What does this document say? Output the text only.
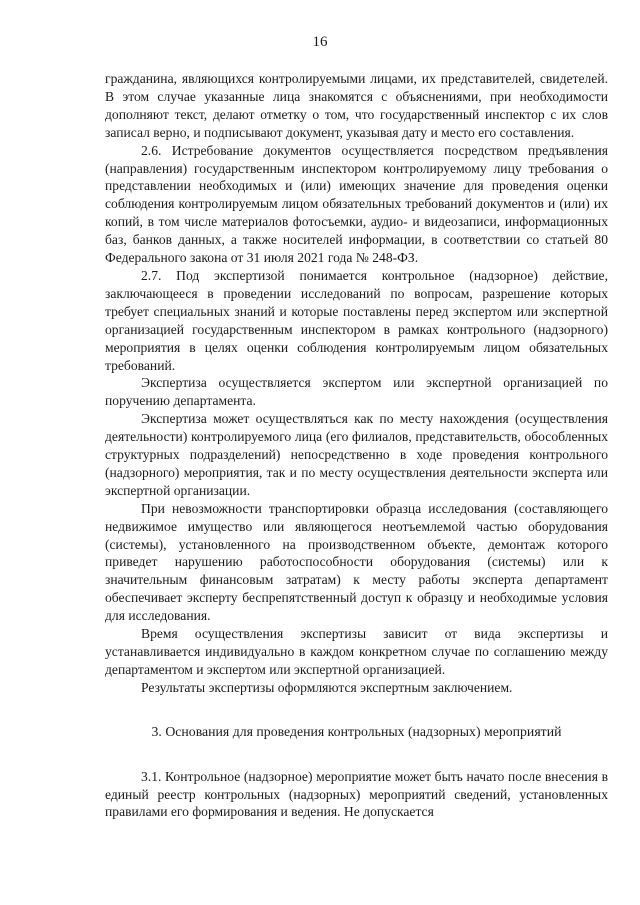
16

гражданина, являющихся контролируемыми лицами, их представителей, свидетелей. В этом случае указанные лица знакомятся с объяснениями, при необходимости дополняют текст, делают отметку о том, что государственный инспектор с их слов записал верно, и подписывают документ, указывая дату и место его составления.

2.6. Истребование документов осуществляется посредством предъявления (направления) государственным инспектором контролируемому лицу требования о представлении необходимых и (или) имеющих значение для проведения оценки соблюдения контролируемым лицом обязательных требований документов и (или) их копий, в том числе материалов фотосъемки, аудио- и видеозаписи, информационных баз, банков данных, а также носителей информации, в соответствии со статьей 80 Федерального закона от 31 июля 2021 года № 248-ФЗ.

2.7. Под экспертизой понимается контрольное (надзорное) действие, заключающееся в проведении исследований по вопросам, разрешение которых требует специальных знаний и которые поставлены перед экспертом или экспертной организацией государственным инспектором в рамках контрольного (надзорного) мероприятия в целях оценки соблюдения контролируемым лицом обязательных требований.

Экспертиза осуществляется экспертом или экспертной организацией по поручению департамента.

Экспертиза может осуществляться как по месту нахождения (осуществления деятельности) контролируемого лица (его филиалов, представительств, обособленных структурных подразделений) непосредственно в ходе проведения контрольного (надзорного) мероприятия, так и по месту осуществления деятельности эксперта или экспертной организации.

При невозможности транспортировки образца исследования (составляющего недвижимое имущество или являющегося неотъемлемой частью оборудования (системы), установленного на производственном объекте, демонтаж которого приведет нарушению работоспособности оборудования (системы) или к значительным финансовым затратам) к месту работы эксперта департамент обеспечивает эксперту беспрепятственный доступ к образцу и необходимые условия для исследования.

Время осуществления экспертизы зависит от вида экспертизы и устанавливается индивидуально в каждом конкретном случае по соглашению между департаментом и экспертом или экспертной организацией.

Результаты экспертизы оформляются экспертным заключением.

3. Основания для проведения контрольных (надзорных) мероприятий

3.1. Контрольное (надзорное) мероприятие может быть начато после внесения в единый реестр контрольных (надзорных) мероприятий сведений, установленных правилами его формирования и ведения. Не допускается
